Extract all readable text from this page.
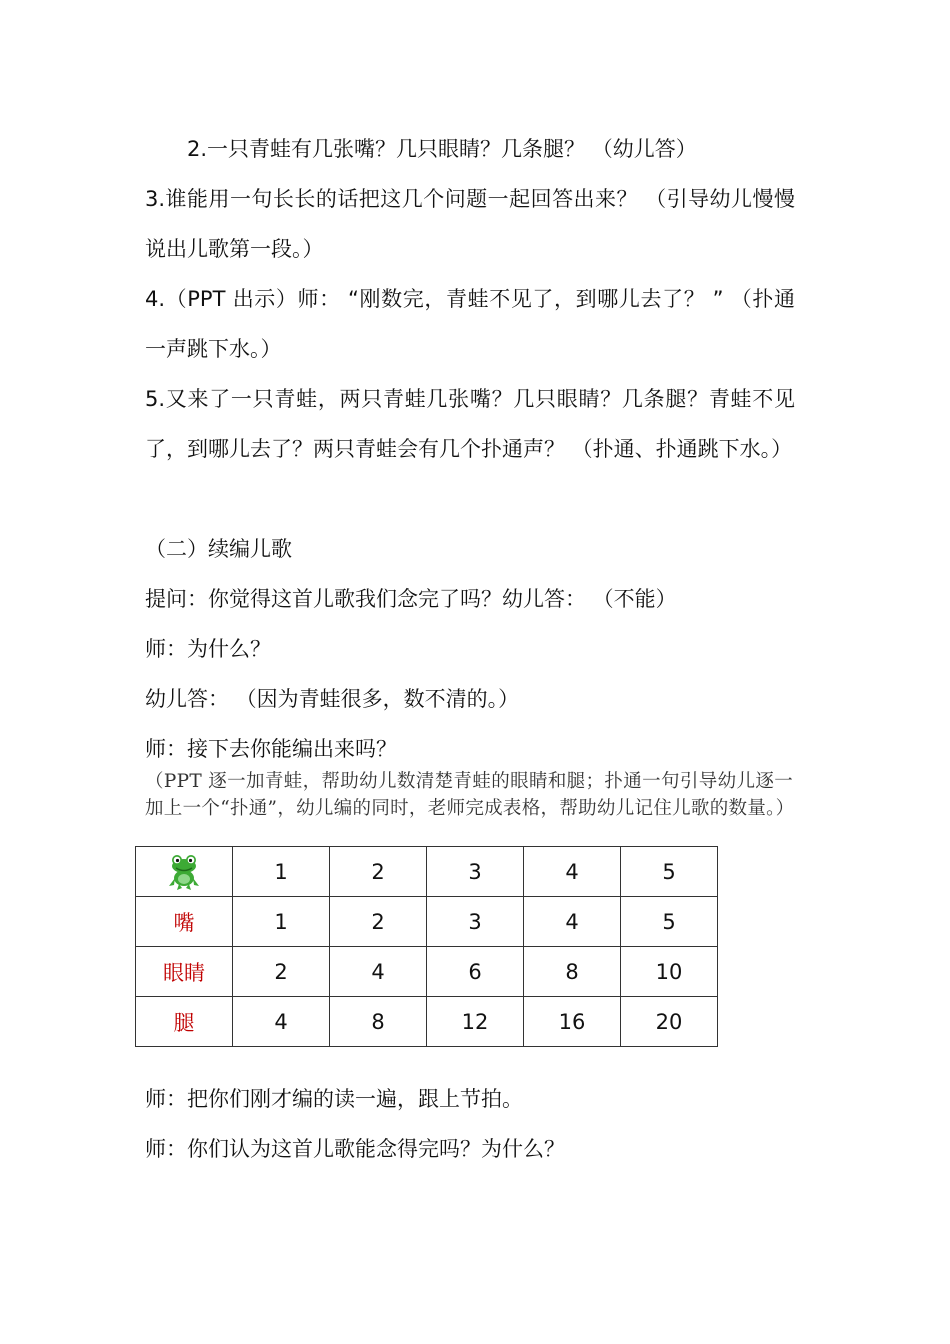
2.一只青蛙有几张嘴？几只眼睛？几条腿？ （幼儿答）

3.谁能用一句长长的话把这几个问题一起回答出来？ （引导幼儿慢慢说出儿歌第一段。）

4.（PPT 出示）师： “刚数完，青蛙不见了，到哪儿去了？ ” （扑通一声跳下水。）

5.又来了一只青蛙，两只青蛙几张嘴？几只眼睛？几条腿？青蛙不见了，到哪儿去了？两只青蛙会有几个扑通声？ （扑通、扑通跳下水。）

（二）续编儿歌

提问：你觉得这首儿歌我们念完了吗？幼儿答： （不能）

师：为什么？

幼儿答： （因为青蛙很多，数不清的。）

师：接下去你能编出来吗？

（PPT 逐一加青蛙，帮助幼儿数清楚青蛙的眼睛和腿；扑通一句引导幼儿逐一加上一个“扑通”，幼儿编的同时，老师完成表格，帮助幼儿记住儿歌的数量。）

	1	2	3	4	5
嘴	1	2	3	4	5
眼睛	2	4	6	8	10
腿	4	8	12	16	20

师：把你们刚才编的读一遍，跟上节拍。

师：你们认为这首儿歌能念得完吗？为什么？
